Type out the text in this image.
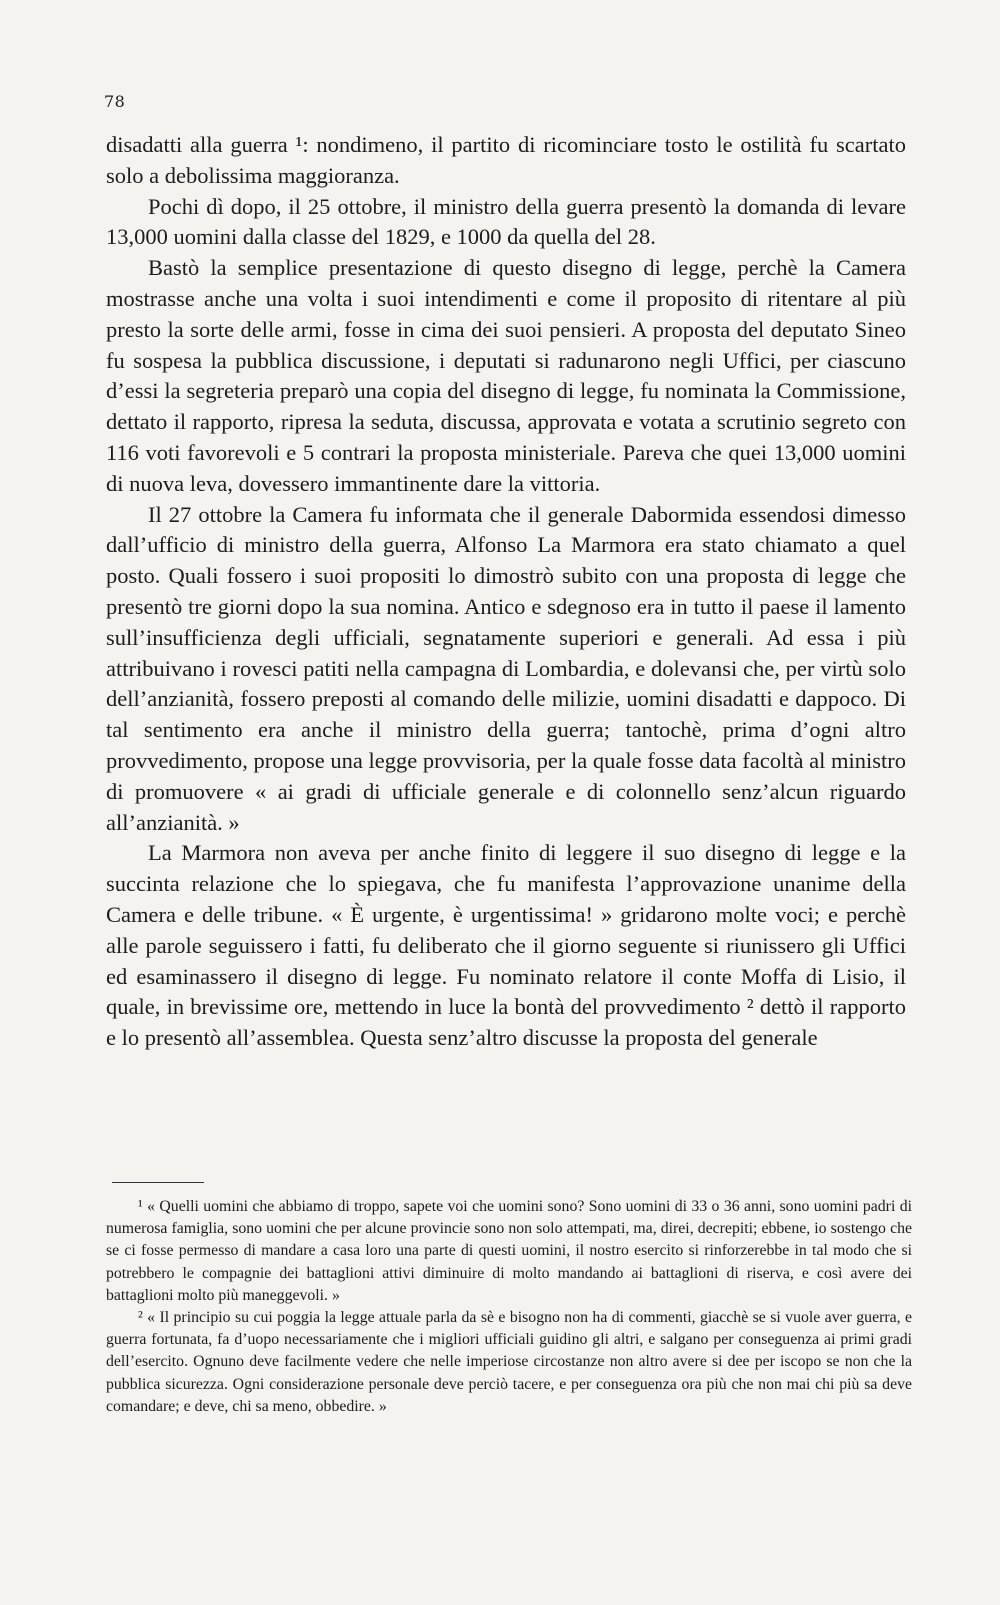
78

disadatti alla guerra ¹: nondimeno, il partito di ricominciare tosto le ostilità fu scartato solo a debolissima maggioranza.

Pochi dì dopo, il 25 ottobre, il ministro della guerra presentò la domanda di levare 13,000 uomini dalla classe del 1829, e 1000 da quella del 28.

Bastò la semplice presentazione di questo disegno di legge, perchè la Camera mostrasse anche una volta i suoi intendimenti e come il proposito di ritentare al più presto la sorte delle armi, fosse in cima dei suoi pensieri. A proposta del deputato Sineo fu sospesa la pubblica discussione, i deputati si radunarono negli Uffici, per ciascuno d’essi la segreteria preparò una copia del disegno di legge, fu nominata la Commissione, dettato il rapporto, ripresa la seduta, discussa, approvata e votata a scrutinio segreto con 116 voti favorevoli e 5 contrari la proposta ministeriale. Pareva che quei 13,000 uomini di nuova leva, dovessero immantinente dare la vittoria.

Il 27 ottobre la Camera fu informata che il generale Dabormida essendosi dimesso dall’ufficio di ministro della guerra, Alfonso La Marmora era stato chiamato a quel posto. Quali fossero i suoi propositi lo dimostrò subito con una proposta di legge che presentò tre giorni dopo la sua nomina. Antico e sdegnoso era in tutto il paese il lamento sull’insufficienza degli ufficiali, segnatamente superiori e generali. Ad essa i più attribuivano i rovesci patiti nella campagna di Lombardia, e dolevansi che, per virtù solo dell’anzianità, fossero preposti al comando delle milizie, uomini disadatti e dappoco. Di tal sentimento era anche il ministro della guerra; tantochè, prima d’ogni altro provvedimento, propose una legge provvisoria, per la quale fosse data facoltà al ministro di promuovere « ai gradi di ufficiale generale e di colonnello senz’alcun riguardo all’anzianità. »

La Marmora non aveva per anche finito di leggere il suo disegno di legge e la succinta relazione che lo spiegava, che fu manifesta l’approvazione unanime della Camera e delle tribune. « È urgente, è urgentissima! » gridarono molte voci; e perchè alle parole seguissero i fatti, fu deliberato che il giorno seguente si riunissero gli Uffici ed esaminassero il disegno di legge. Fu nominato relatore il conte Moffa di Lisio, il quale, in brevissime ore, mettendo in luce la bontà del provvedimento ² dettò il rapporto e lo presentò all’assemblea. Questa senz’altro discusse la proposta del generale

¹ « Quelli uomini che abbiamo di troppo, sapete voi che uomini sono? Sono uomini di 33 o 36 anni, sono uomini padri di numerosa famiglia, sono uomini che per alcune provincie sono non solo attempati, ma, direi, decrepiti; ebbene, io sostengo che se ci fosse permesso di mandare a casa loro una parte di questi uomini, il nostro esercito si rinforzerebbe in tal modo che si potrebbero le compagnie dei battaglioni attivi diminuire di molto mandando ai battaglioni di riserva, e così avere dei battaglioni molto più maneggevoli. »

² « Il principio su cui poggia la legge attuale parla da sè e bisogno non ha di commenti, giacchè se si vuole aver guerra, e guerra fortunata, fa d’uopo necessariamente che i migliori ufficiali guidino gli altri, e salgano per conseguenza ai primi gradi dell’esercito. Ognuno deve facilmente vedere che nelle imperiose circostanze non altro avere si dee per iscopo se non che la pubblica sicurezza. Ogni considerazione personale deve perciò tacere, e per conseguenza ora più che non mai chi più sa deve comandare; e deve, chi sa meno, obbedire. »
